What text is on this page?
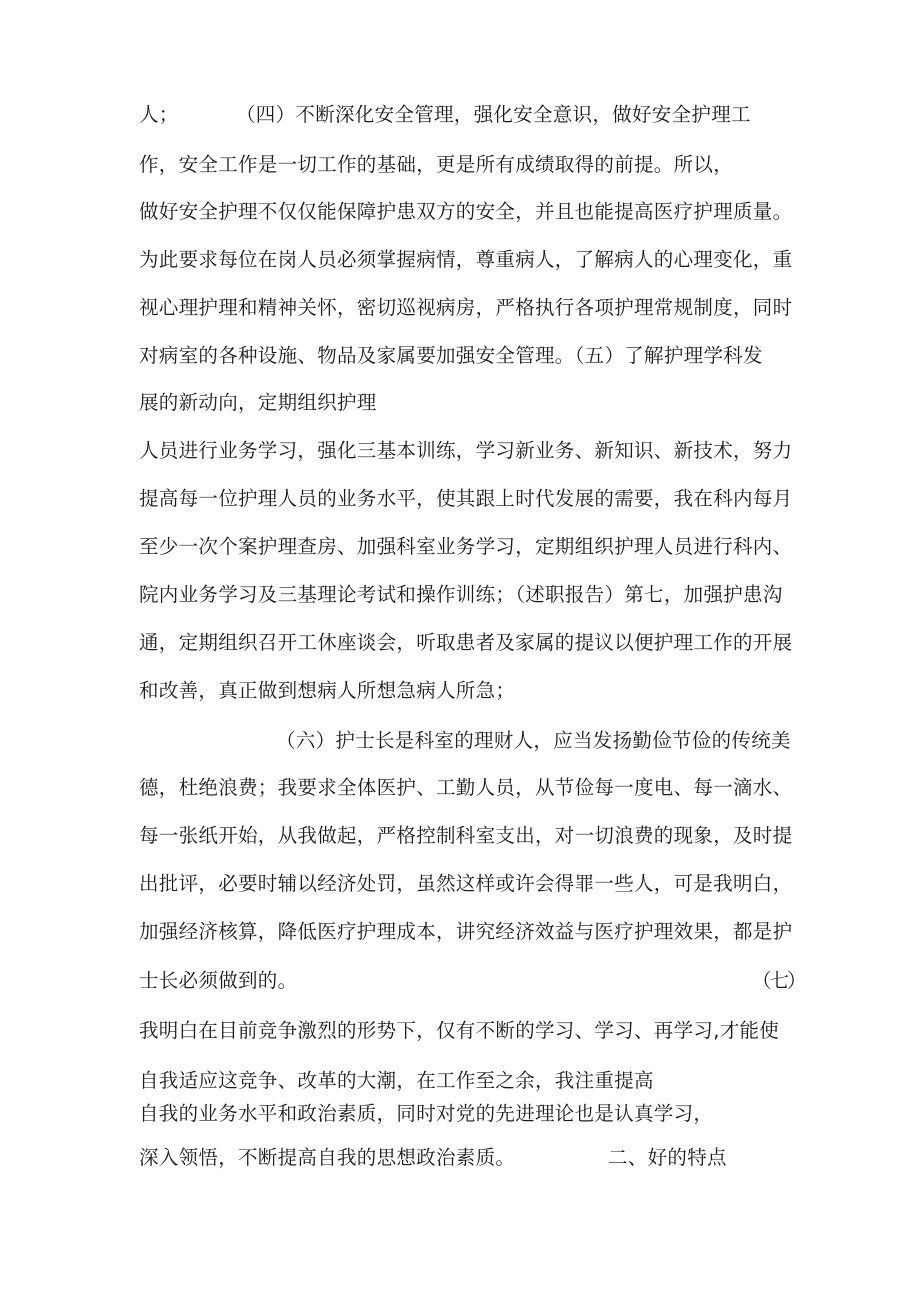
人；	（四）不断深化安全管理，强化安全意识，做好安全护理工
作，安全工作是一切工作的基础，更是所有成绩取得的前提。所以，
做好安全护理不仅仅能保障护患双方的安全，并且也能提高医疗护理质量。
为此要求每位在岗人员必须掌握病情，尊重病人，了解病人的心理变化，重
视心理护理和精神关怀，密切巡视病房，严格执行各项护理常规制度，同时
对病室的各种设施、物品及家属要加强安全管理。（五）了解护理学科发
展的新动向，定期组织护理
人员进行业务学习，强化三基本训练，学习新业务、新知识、新技术，努力
提高每一位护理人员的业务水平，使其跟上时代发展的需要，我在科内每月
至少一次个案护理查房、加强科室业务学习，定期组织护理人员进行科内、
院内业务学习及三基理论考试和操作训练；（述职报告）第七，加强护患沟
通，定期组织召开工休座谈会，听取患者及家属的提议以便护理工作的开展
和改善，真正做到想病人所想急病人所急；
（六）护士长是科室的理财人，应当发扬勤俭节俭的传统美
德，杜绝浪费；我要求全体医护、工勤人员，从节俭每一度电、每一滴水、
每一张纸开始，从我做起，严格控制科室支出，对一切浪费的现象，及时提
出批评，必要时辅以经济处罚，虽然这样或许会得罪一些人，可是我明白，
加强经济核算，降低医疗护理成本，讲究经济效益与医疗护理效果，都是护
士长必须做到的。	（七）
我明白在目前竞争激烈的形势下，仅有不断的学习、学习、再学习,才能使
自我适应这竞争、改革的大潮，在工作至之余，我注重提高
自我的业务水平和政治素质，同时对党的先进理论也是认真学习，
深入领悟，不断提高自我的思想政治素质。	二、好的特点
